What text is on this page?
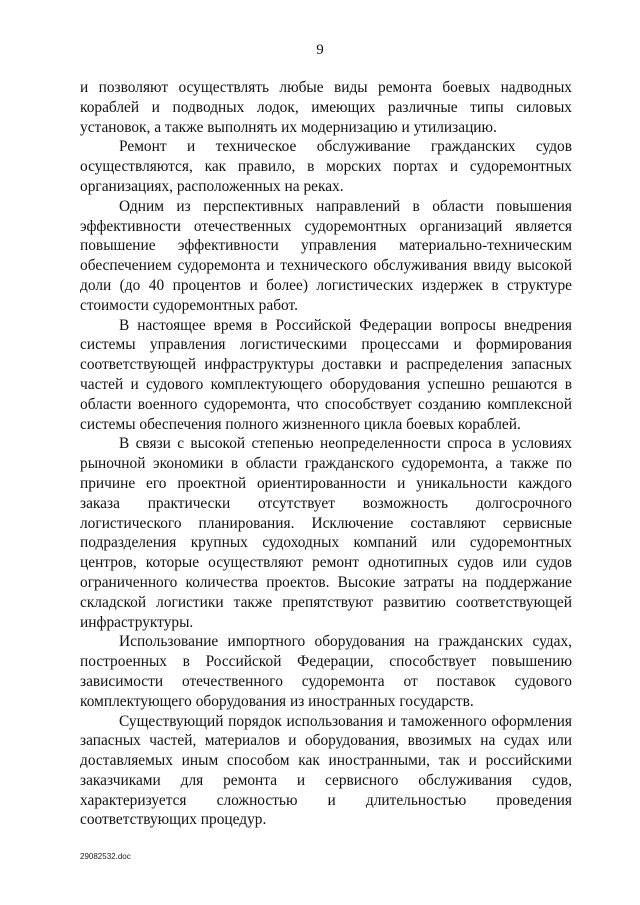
9

и позволяют осуществлять любые виды ремонта боевых надводных кораблей и подводных лодок, имеющих различные типы силовых установок, а также выполнять их модернизацию и утилизацию.

Ремонт и техническое обслуживание гражданских судов осуществляются, как правило, в морских портах и судоремонтных организациях, расположенных на реках.

Одним из перспективных направлений в области повышения эффективности отечественных судоремонтных организаций является повышение эффективности управления материально-техническим обеспечением судоремонта и технического обслуживания ввиду высокой доли (до 40 процентов и более) логистических издержек в структуре стоимости судоремонтных работ.

В настоящее время в Российской Федерации вопросы внедрения системы управления логистическими процессами и формирования соответствующей инфраструктуры доставки и распределения запасных частей и судового комплектующего оборудования успешно решаются в области военного судоремонта, что способствует созданию комплексной системы обеспечения полного жизненного цикла боевых кораблей.

В связи с высокой степенью неопределенности спроса в условиях рыночной экономики в области гражданского судоремонта, а также по причине его проектной ориентированности и уникальности каждого заказа практически отсутствует возможность долгосрочного логистического планирования. Исключение составляют сервисные подразделения крупных судоходных компаний или судоремонтных центров, которые осуществляют ремонт однотипных судов или судов ограниченного количества проектов. Высокие затраты на поддержание складской логистики также препятствуют развитию соответствующей инфраструктуры.

Использование импортного оборудования на гражданских судах, построенных в Российской Федерации, способствует повышению зависимости отечественного судоремонта от поставок судового комплектующего оборудования из иностранных государств.

Существующий порядок использования и таможенного оформления запасных частей, материалов и оборудования, ввозимых на судах или доставляемых иным способом как иностранными, так и российскими заказчиками для ремонта и сервисного обслуживания судов, характеризуется сложностью и длительностью проведения соответствующих процедур.

29082532.doc
